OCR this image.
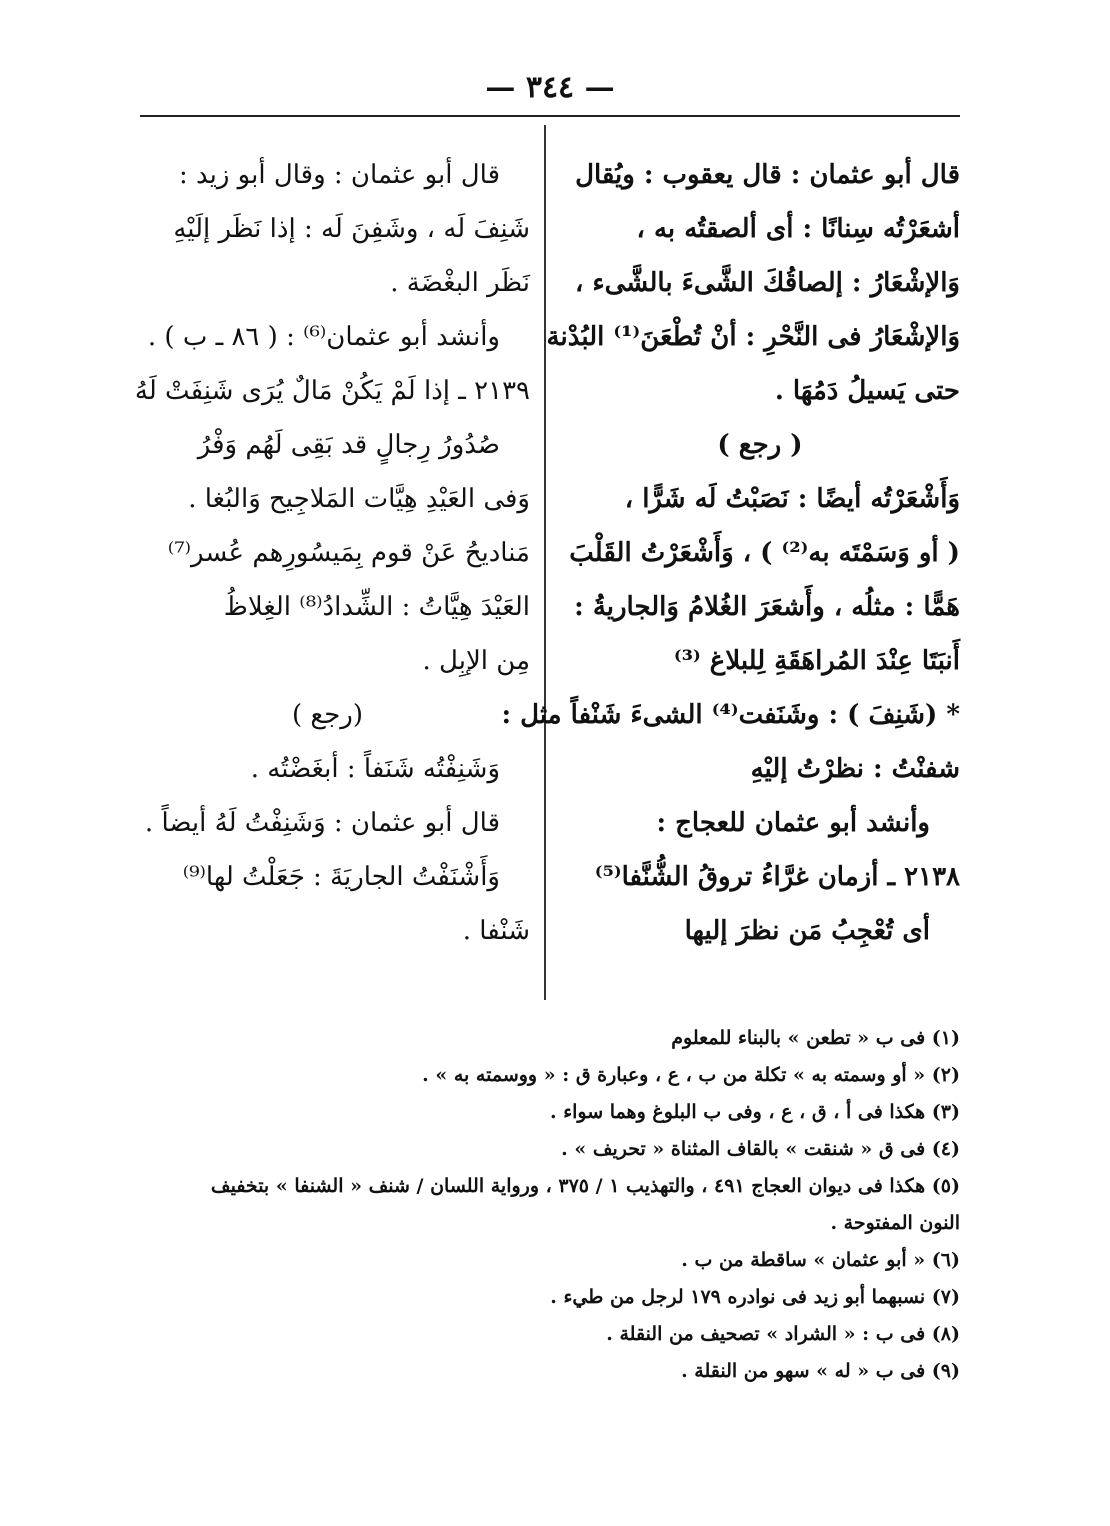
— ٣٤٤ —
قال أبو عثمان : قال يعقوب : ويُقال
أشعَرْتُه سِنانًا : أى ألصقتُه به ،
وَالإشْعَارُ : إلصاقُكَ الشَّىءَ بالشَّىء ،
وَالإشْعَارُ فى النَّحْرِ : أنْ تُطْعَنَ⁽¹⁾ البُدْنة
حتى يَسيلُ دَمُهَا .
( رجع )
وَأَشْعَرْتُه أيضًا : نَصَبْتُ لَه شَرًّا ،
( أو وَسَمْتَه به⁽²⁾ ) ، وَأَشْعَرْتُ القَلْبَ
هَمًّا : مثلُه ، وأَشعَرَ الغُلامُ وَالجاريةُ :
أَنبَتَا عِنْدَ المُراهَقَةِ لِلبلاغ ⁽³⁾
* (شَنِفَ ) : وشَنَفت⁽⁴⁾ الشىءَ شَنْفاً مثل :
شفنْتُ : نظرْتُ إليْهِ
وأنشد أبو عثمان للعجاج :
٢١٣٨ ـ أزمان غرَّاءُ تروقُ الشُّنَّفا⁽⁵⁾
أى تُعْجِبُ مَن نظرَ إليها
قال أبو عثمان : وقال أبو زيد :
شَنِفَ لَه ، وشَفِنَ لَه : إذا نَظَر إلَيْهِ
نَظَر البغْضَة .
وأنشد أبو عثمان⁽⁶⁾ : ( ٨٦ ـ ب ) .
٢١٣٩ ـ إذا لَمْ يَكُنْ مَالٌ يُرَى شَنِفَتْ لَهُ
صُدُورُ رِجالٍ قد بَقِى لَهُم وَفْرُ
وَفى العَيْدِ هِيَّات المَلاجِيح وَالبُغا .
مَناديحُ عَنْ قوم بِمَيسُورِهم عُسر⁽⁷⁾
العَيْدَ هِيَّاتُ : الشِّدادُ⁽⁸⁾ الغِلاظُ
مِن الإبِل .
(رجع )
وَشَنِفْتُه شَنَفاً : أبغَضْتُه .
قال أبو عثمان : وَشَنِفْتُ لَهُ أيضاً .
وَأَشْنَفْتُ الجاريَةَ : جَعَلْتُ لها⁽⁹⁾
شَنْفا .
(١) فى ب « تطعن » بالبناء للمعلوم
(٢) « أو وسمته به » تكلة من ب ، ع ، وعبارة ق : « ووسمته به » .
(٣) هكذا فى أ ، ق ، ع ، وفى ب البلوغ وهما سواء .
(٤) فى ق « شنقت » بالقاف المثناة « تحريف » .
(٥) هكذا فى ديوان العجاج ٤٩١ ، والتهذيب ١ / ٣٧٥ ، ورواية اللسان / شنف « الشنفا » بتخفيف
النون المفتوحة .
(٦) « أبو عثمان » ساقطة من ب .
(٧) نسبهما أبو زيد فى نوادره ١٧٩ لرجل من طيء .
(٨) فى ب : « الشراد » تصحيف من النقلة .
(٩) فى ب « له » سهو من النقلة .
